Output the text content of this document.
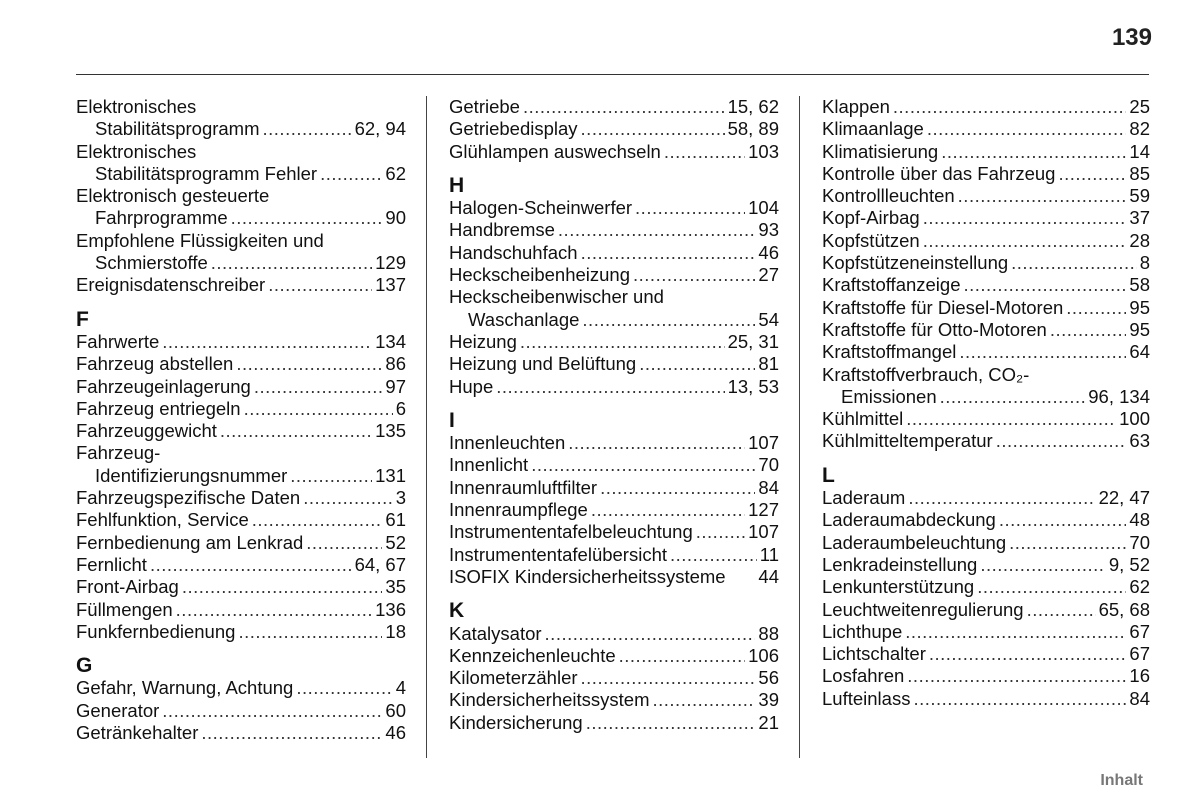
139
Elektronisches
Stabilitätsprogramm .....	62, 94
Elektronisches
Stabilitätsprogramm Fehler .....	62
Elektronisch gesteuerte
Fahrprogramme .....	90
Empfohlene Flüssigkeiten und
Schmierstoffe .....	129
Ereignisdatenschreiber .....	137
F
Fahrwerte .....	134
Fahrzeug abstellen .....	86
Fahrzeugeinlagerung .....	97
Fahrzeug entriegeln .....	6
Fahrzeuggewicht .....	135
Fahrzeug-
Identifizierungsnummer .....	131
Fahrzeugspezifische Daten .....	3
Fehlfunktion, Service .....	61
Fernbedienung am Lenkrad .....	52
Fernlicht .....	64, 67
Front-Airbag .....	35
Füllmengen .....	136
Funkfernbedienung .....	18
G
Gefahr, Warnung, Achtung .....	4
Generator .....	60
Getränkehalter .....	46
Getriebe .....	15, 62
Getriebedisplay .....	58, 89
Glühlampen auswechseln .....	103
H
Halogen-Scheinwerfer .....	104
Handbremse .....	93
Handschuhfach .....	46
Heckscheibenheizung .....	27
Heckscheibenwischer und
Waschanlage .....	54
Heizung .....	25, 31
Heizung und Belüftung .....	81
Hupe .....	13, 53
I
Innenleuchten .....	107
Innenlicht .....	70
Innenraumluftfilter .....	84
Innenraumpflege .....	127
Instrumententafelbeleuchtung .....	107
Instrumententafelübersicht .....	11
ISOFIX Kindersicherheitssysteme 44
K
Katalysator .....	88
Kennzeichenleuchte .....	106
Kilometerzähler .....	56
Kindersicherheitssystem .....	39
Kindersicherung .....	21
Klappen .....	25
Klimaanlage .....	82
Klimatisierung .....	14
Kontrolle über das Fahrzeug .....	85
Kontrollleuchten .....	59
Kopf-Airbag .....	37
Kopfstützen .....	28
Kopfstützeneinstellung .....	8
Kraftstoffanzeige .....	58
Kraftstoffe für Diesel-Motoren .....	95
Kraftstoffe für Otto-Motoren .....	95
Kraftstoffmangel .....	64
Kraftstoffverbrauch, CO₂-
Emissionen .....	96, 134
Kühlmittel .....	100
Kühlmitteltemperatur .....	63
L
Laderaum .....	22, 47
Laderaumabdeckung .....	48
Laderaumbeleuchtung .....	70
Lenkradeinstellung .....	9, 52
Lenkunterstützung .....	62
Leuchtweitenregulierung .....	65, 68
Lichthupe .....	67
Lichtschalter .....	67
Losfahren .....	16
Lufteinlass .....	84
Inhalt
